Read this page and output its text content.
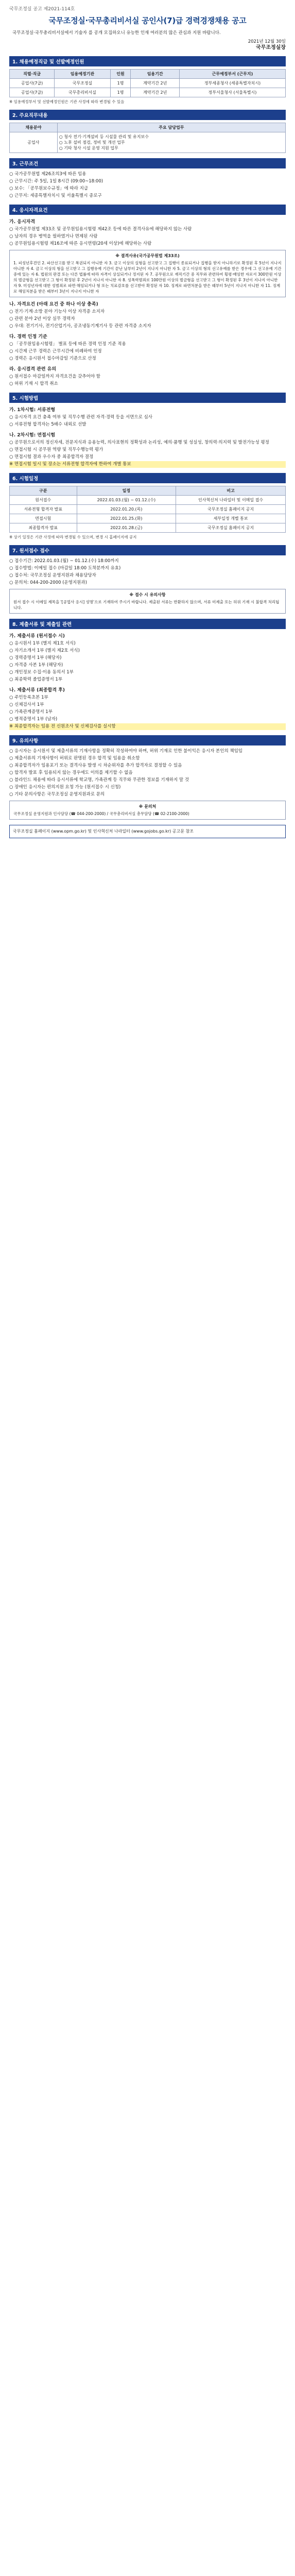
국무조정실 공고 제2021-114호
국무조정실·국무총리비서실 공인사(7)급 경력경쟁채용 공고

국무조정실·국무총리비서실에서 기술자 를 공개 모집하오니 유능한 인재 여러분의 많은 관심과 지원 바랍니다.

2021년 12월 30일
국무조정실장
1. 채용예정직급 및 선발예정인원
직렬·직급	임용예정기관	인원	임용기간	근무예정부서 (근무지)
공업사(7급)	국무조정실	1명	계약기간 2년	정부세종청사 (세종특별자치시)
공업사(7급)	국무총리비서실	1명	계약기간 2년	정부서울청사 (서울특별시)
※ 임용예정부서 및 선발예정인원은 기관 사정에 따라 변경될 수 있음
2. 주요직무내용
채용분야	주요 담당업무
공업사	○ 청사 전기·기계설비 등 시설물 관리 및 유지보수
○ 노후 설비 점검, 정비 및 개선 업무
○ 기타 청사 시설 운영 지원 업무
3. 근무조건
○ 국가공무원법 제26조의3에 따른 임용
○ 근무시간: 주 5일, 1일 8시간 (09:00~18:00)
○ 보수: 「공무원보수규정」에 따라 지급
○ 근무지: 세종특별자치시 및 서울특별시 종로구
4. 응시자격요건
가. 응시자격
○ 국가공무원법 제33조 및 공무원임용시험령 제42조 등에 따른 결격사유에 해당하지 않는 사람
○ 남자의 경우 병역을 필하였거나 면제된 사람
○ 공무원임용시험령 제16조에 따른 응시연령(20세 이상)에 해당하는 사람
※ 결격사유(국가공무원법 제33조)
1. 피성년후견인 2. 파산선고를 받고 복권되지 아니한 자 3. 금고 이상의 실형을 선고받고 그 집행이 종료되거나 집행을 받지 아니하기로 확정된 후 5년이 지나지 아니한 자 4. 금고 이상의 형을 선고받고 그 집행유예 기간이 끝난 날부터 2년이 지나지 아니한 자 5. 금고 이상의 형의 선고유예를 받은 경우에 그 선고유예 기간 중에 있는 자 6. 법원의 판결 또는 다른 법률에 따라 자격이 상실되거나 정지된 자 7. 공무원으로 재직기간 중 직무와 관련하여 횡령·배임한 자로서 300만원 이상의 벌금형을 선고받고 그 형이 확정된 후 2년이 지나지 아니한 자 8. 성폭력범죄로 100만원 이상의 벌금형을 선고받고 그 형이 확정된 후 3년이 지나지 아니한 자 9. 미성년자에 대한 성범죄로 파면·해임되거나 형 또는 치료감호를 선고받아 확정된 자 10. 징계로 파면처분을 받은 때부터 5년이 지나지 아니한 자 11. 징계로 해임처분을 받은 때부터 3년이 지나지 아니한 자
나. 자격요건 (아래 요건 중 하나 이상 충족)
○ 전기·기계·소방 분야 기능사 이상 자격증 소지자
○ 관련 분야 2년 이상 실무 경력자
○ 우대: 전기기사, 전기산업기사, 공조냉동기계기사 등 관련 자격증 소지자
다. 경력 인정 기준
○ 「공무원임용시험령」 별표 등에 따른 경력 인정 기준 적용
○ 시간제 근무 경력은 근무시간에 비례하여 인정
○ 경력은 응시원서 접수마감일 기준으로 산정
라. 응시결격 관련 유의
○ 원서접수 마감일까지 자격요건을 갖추어야 함
○ 허위 기재 시 합격 취소
5. 시험방법
가. 1차시험: 서류전형
○ 응시자격 요건 충족 여부 및 직무수행 관련 자격·경력 등을 서면으로 심사
○ 서류전형 합격자는 5배수 내외로 선발
나. 2차시험: 면접시험
○ 공무원으로서의 정신자세, 전문지식과 응용능력, 의사표현의 정확성과 논리성, 예의·품행 및 성실성, 창의력·의지력 및 발전가능성 평정
○ 면접시험 시 공무원 역량 및 직무수행능력 평가
○ 면접시험 결과 우수자 중 최종합격자 결정
※ 면접시험 일시 및 장소는 서류전형 합격자에 한하여 개별 통보
6. 시험일정
구분	일정	비고
원서접수	2022.01.03.(월) ~ 01.12.(수)	인사혁신처 나라일터 및 이메일 접수
서류전형 합격자 발표	2022.01.20.(목)	국무조정실 홈페이지 공지
면접시험	2022.01.25.(화)	세부일정 개별 통보
최종합격자 발표	2022.01.28.(금)	국무조정실 홈페이지 공지
※ 상기 일정은 기관 사정에 따라 변경될 수 있으며, 변경 시 홈페이지에 공지
7. 원서접수 접수
○ 접수기간: 2022.01.03.(월) ~ 01.12.(수) 18:00까지
○ 접수방법: 이메일 접수 (마감일 18:00 도착분까지 유효)
○ 접수처: 국무조정실 운영지원과 채용담당자
○ 문의처: 044-200-2000 (운영지원과)
※ 접수 시 유의사항
원서 접수 시 이메일 제목을 '[공업사 응시] 성명'으로 기재하여 주시기 바랍니다. 제출된 서류는 반환하지 않으며, 서류 미제출 또는 허위 기재 시 불합격 처리됩니다.
8. 제출서류 및 제출일 관련
가. 제출서류 (원서접수 시)
○ 응시원서 1부 (별지 제1호 서식)
○ 자기소개서 1부 (별지 제2호 서식)
○ 경력증명서 1부 (해당자)
○ 자격증 사본 1부 (해당자)
○ 개인정보 수집·이용 동의서 1부
○ 최종학력 졸업증명서 1부
나. 제출서류 (최종합격 후)
○ 주민등록초본 1부
○ 신체검사서 1부
○ 가족관계증명서 1부
○ 병적증명서 1부 (남자)
※ 최종합격자는 임용 전 신원조사 및 신체검사를 실시함
9. 유의사항
○ 응시자는 응시원서 및 제출서류의 기재사항을 정확히 작성하여야 하며, 허위 기재로 인한 불이익은 응시자 본인의 책임임
○ 제출서류의 기재사항이 허위로 판명된 경우 합격 및 임용을 취소함
○ 최종합격자가 임용포기 또는 결격사유 발생 시 차순위자를 추가 합격자로 결정할 수 있음
○ 합격자 발표 후 임용되지 않는 경우에도 이의를 제기할 수 없음
○ 블라인드 채용에 따라 응시서류에 학교명, 가족관계 등 직무와 무관한 정보를 기재하지 말 것
○ 장애인 응시자는 편의지원 요청 가능 (원서접수 시 신청)
○ 기타 문의사항은 국무조정실 운영지원과로 문의
※ 문의처
국무조정실 운영지원과 인사담당 (☎ 044-200-2000) / 국무총리비서실 총무담당 (☎ 02-2100-2000)
국무조정실 홈페이지 (www.opm.go.kr) 및 인사혁신처 나라일터 (www.gojobs.go.kr) 공고문 참조
